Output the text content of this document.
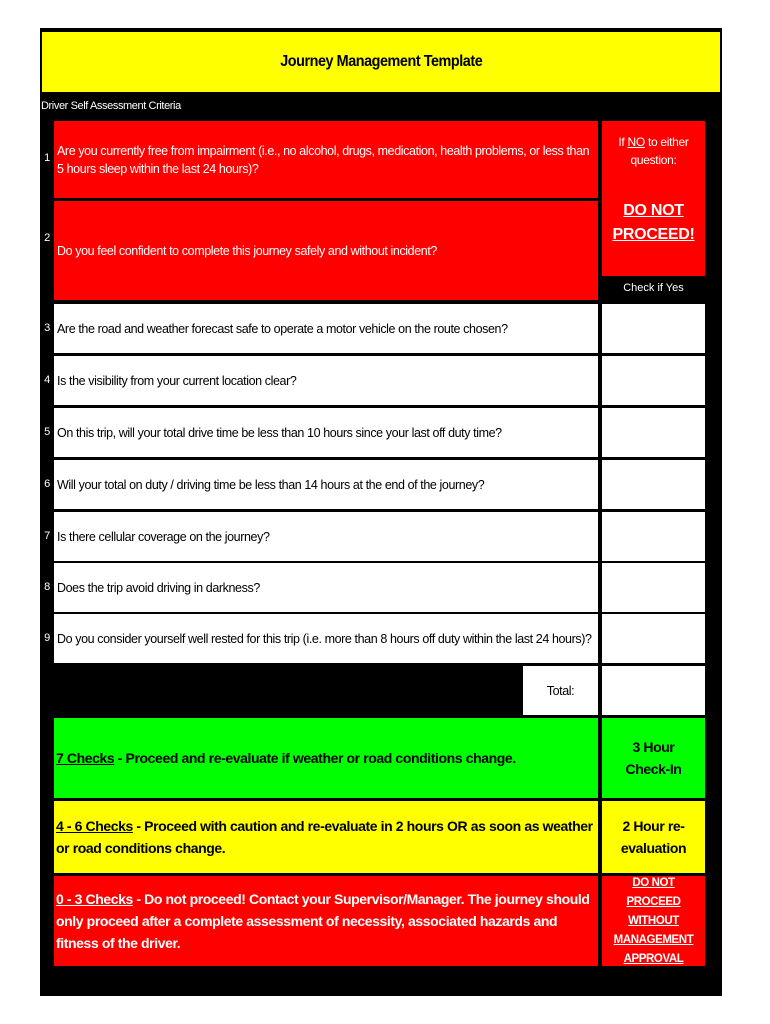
Journey Management Template
Driver Self Assessment Criteria
1
Are you currently free from impairment (i.e., no alcohol, drugs, medication, health problems, or less than 5 hours sleep within the last 24 hours)?
2
Do you feel confident to complete this journey safely and without incident?
If NO to either question:
DO NOT PROCEED!
Check if Yes
3 Are the road and weather forecast safe to operate a motor vehicle on the route chosen?
4 Is the visibility from your current location clear?
5 On this trip, will your total drive time be less than 10 hours since your last off duty time?
6 Will your total on duty / driving time be less than 14 hours at the end of the journey?
7 Is there cellular coverage on the journey?
8 Does the trip avoid driving in darkness?
9 Do you consider yourself well rested for this trip (i.e. more than 8 hours off duty within the last 24 hours)?
Total:
7 Checks - Proceed and re-evaluate if weather or road conditions change.
3 Hour Check-In
4 - 6 Checks - Proceed with caution and re-evaluate in 2 hours OR as soon as weather or road conditions change.
2 Hour re-evaluation
0 - 3 Checks - Do not proceed! Contact your Supervisor/Manager. The journey should only proceed after a complete assessment of necessity, associated hazards and fitness of the driver.
DO NOT PROCEED WITHOUT MANAGEMENT APPROVAL
